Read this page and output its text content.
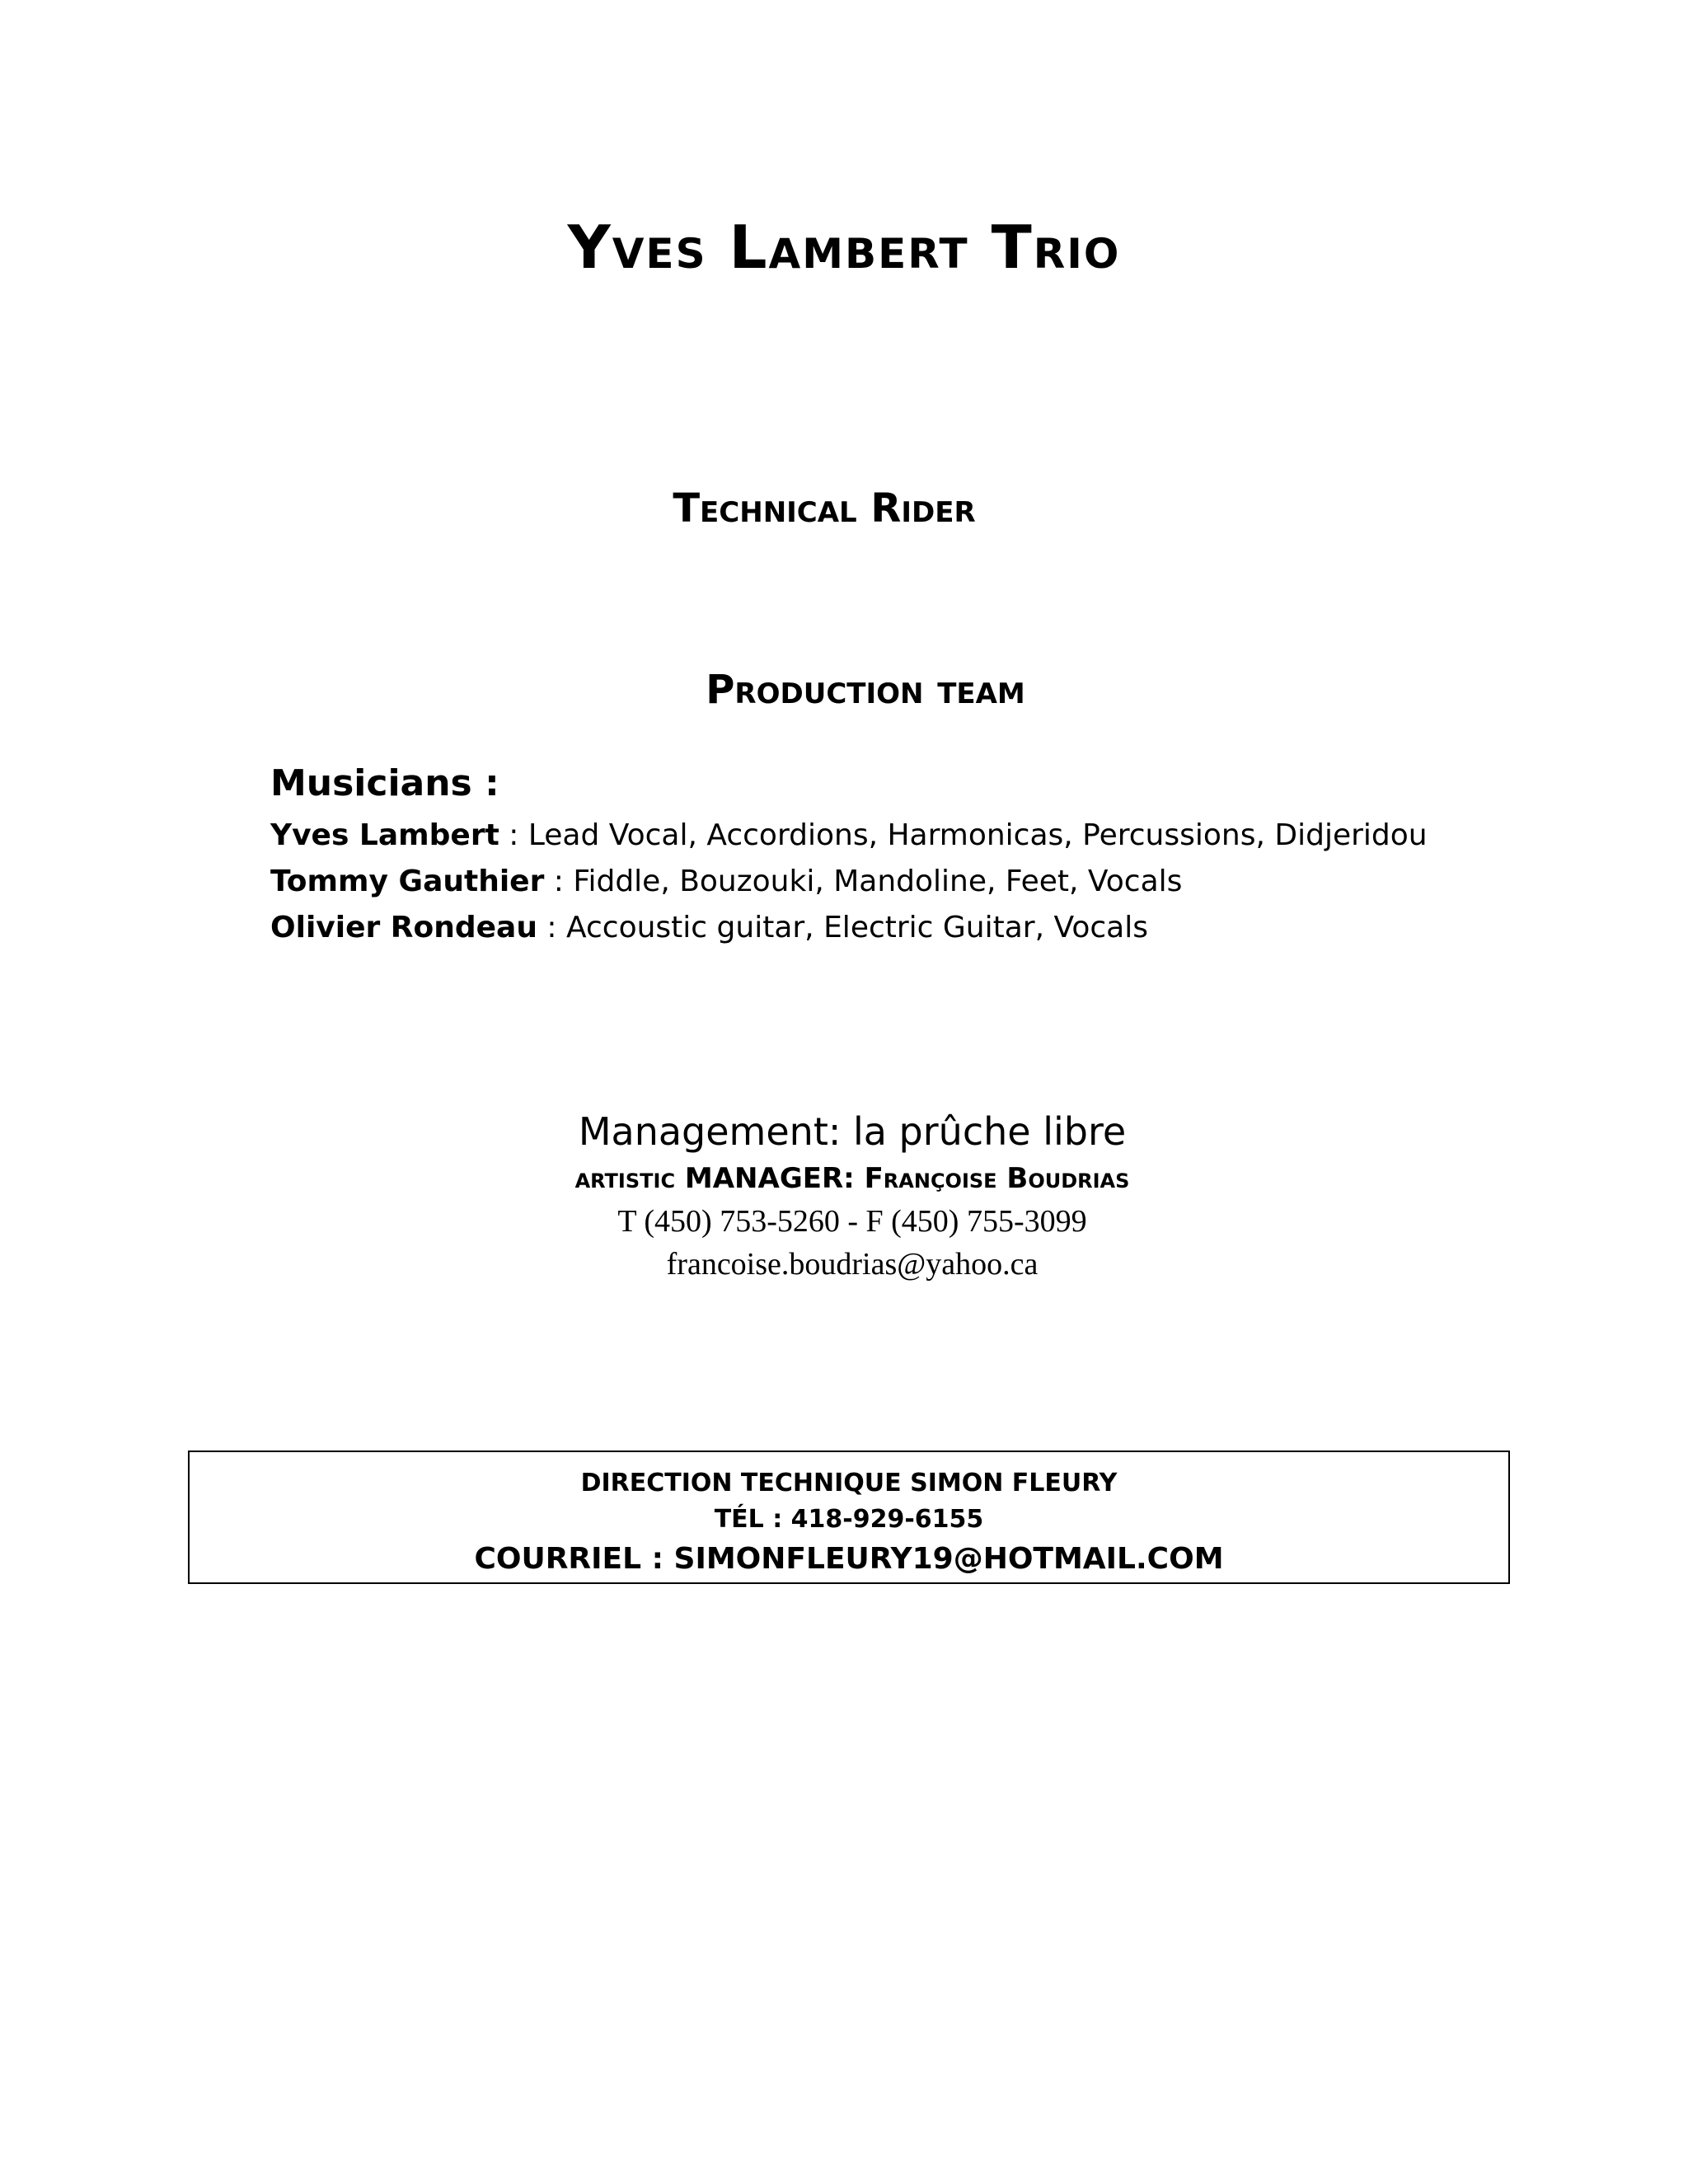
Yves Lambert Trio
Technical Rider
Production team
Musicians :
Yves Lambert : Lead Vocal, Accordions, Harmonicas, Percussions, Didjeridou
Tommy Gauthier : Fiddle, Bouzouki, Mandoline, Feet, Vocals
Olivier Rondeau : Accoustic guitar, Electric Guitar, Vocals
Management: la prûche libre
artistic MANAGER: Françoise Boudrias
T (450) 753-5260 - F (450) 755-3099
francoise.boudrias@yahoo.ca
DIRECTION TECHNIQUE SIMON FLEURY
TÉL : 418-929-6155
COURRIEL : SIMONFLEURY19@HOTMAIL.COM
